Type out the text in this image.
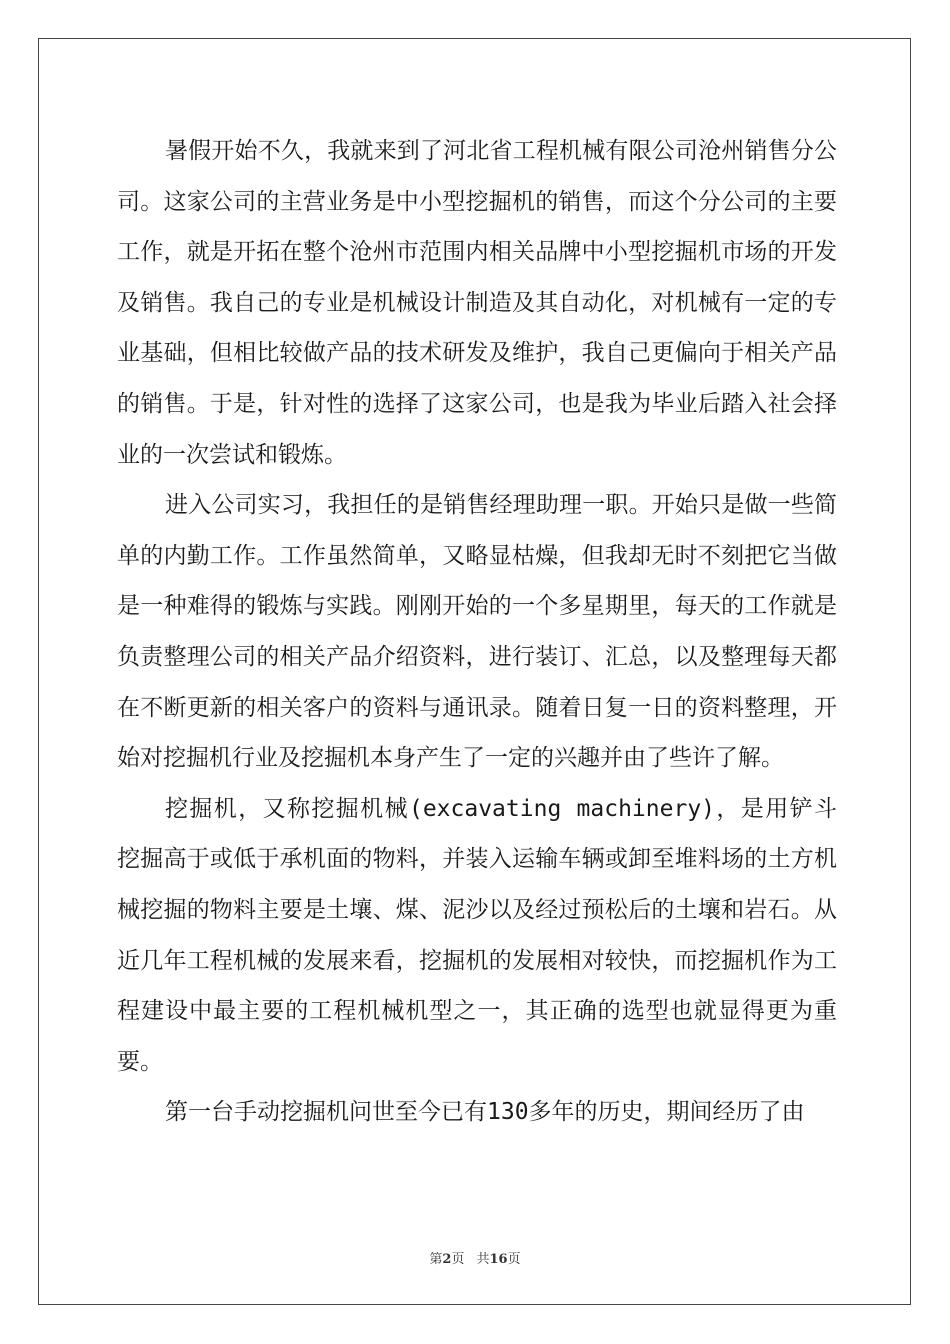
暑假开始不久，我就来到了河北省工程机械有限公司沧州销售分公司。这家公司的主营业务是中小型挖掘机的销售，而这个分公司的主要工作，就是开拓在整个沧州市范围内相关品牌中小型挖掘机市场的开发及销售。我自己的专业是机械设计制造及其自动化，对机械有一定的专业基础，但相比较做产品的技术研发及维护，我自己更偏向于相关产品的销售。于是，针对性的选择了这家公司，也是我为毕业后踏入社会择业的一次尝试和锻炼。

进入公司实习，我担任的是销售经理助理一职。开始只是做一些简单的内勤工作。工作虽然简单，又略显枯燥，但我却无时不刻把它当做是一种难得的锻炼与实践。刚刚开始的一个多星期里，每天的工作就是负责整理公司的相关产品介绍资料，进行装订、汇总，以及整理每天都在不断更新的相关客户的资料与通讯录。随着日复一日的资料整理，开始对挖掘机行业及挖掘机本身产生了一定的兴趣并由了些许了解。

挖掘机，又称挖掘机械(excavating machinery)，是用铲斗挖掘高于或低于承机面的物料，并装入运输车辆或卸至堆料场的土方机械挖掘的物料主要是土壤、煤、泥沙以及经过预松后的土壤和岩石。从近几年工程机械的发展来看，挖掘机的发展相对较快，而挖掘机作为工程建设中最主要的工程机械机型之一，其正确的选型也就显得更为重要。

第一台手动挖掘机问世至今已有130多年的历史，期间经历了由

第2页 共16页
